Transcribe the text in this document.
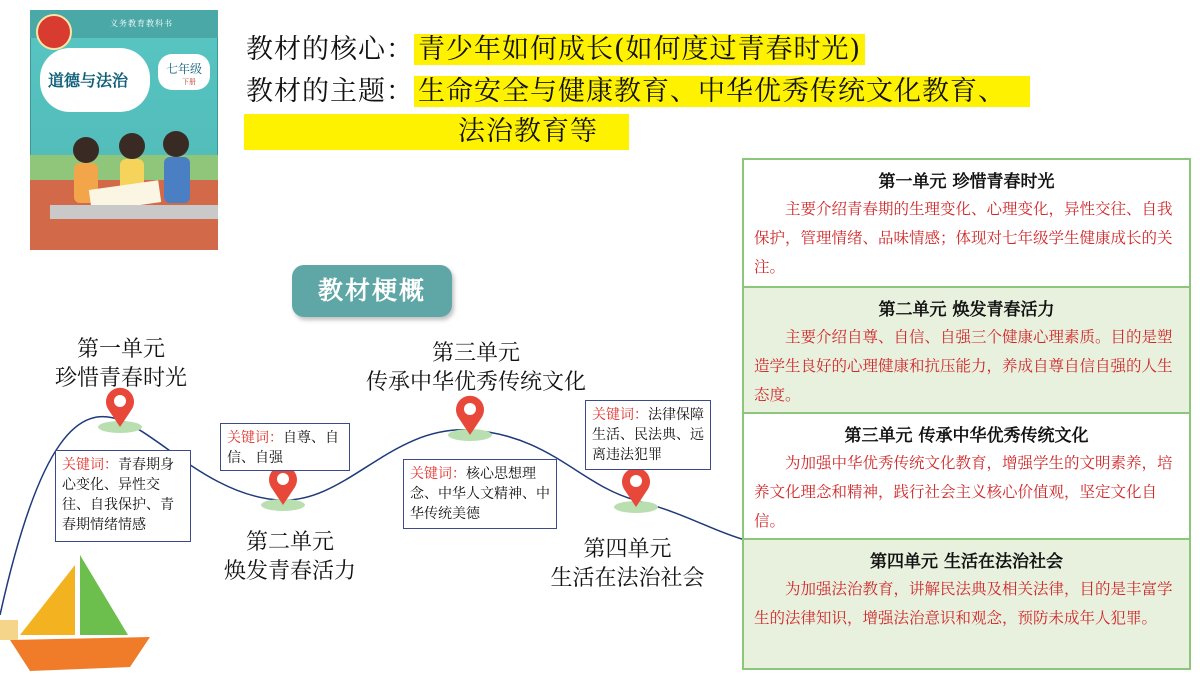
义务教育教科书
道德与法治
七年级
下册
教材的核心： 青少年如何成长(如何度过青春时光)
教材的主题： 生命安全与健康教育、中华优秀传统文化教育、
法治教育等
教材梗概
第一单元
珍惜青春时光
第二单元
焕发青春活力
第三单元
传承中华优秀传统文化
第四单元
生活在法治社会
关键词：青春期身心变化、异性交往、自我保护、青春期情绪情感
关键词：自尊、自信、自强
关键词：核心思想理念、中华人文精神、中华传统美德
关键词：法律保障生活、民法典、远离违法犯罪
第一单元 珍惜青春时光
主要介绍青春期的生理变化、心理变化，异性交往、自我保护，管理情绪、品味情感；体现对七年级学生健康成长的关注。
第二单元 焕发青春活力
主要介绍自尊、自信、自强三个健康心理素质。目的是塑造学生良好的心理健康和抗压能力，养成自尊自信自强的人生态度。
第三单元 传承中华优秀传统文化
为加强中华优秀传统文化教育，增强学生的文明素养，培养文化理念和精神，践行社会主义核心价值观，坚定文化自信。
第四单元 生活在法治社会
为加强法治教育，讲解民法典及相关法律，目的是丰富学生的法律知识，增强法治意识和观念，预防未成年人犯罪。
